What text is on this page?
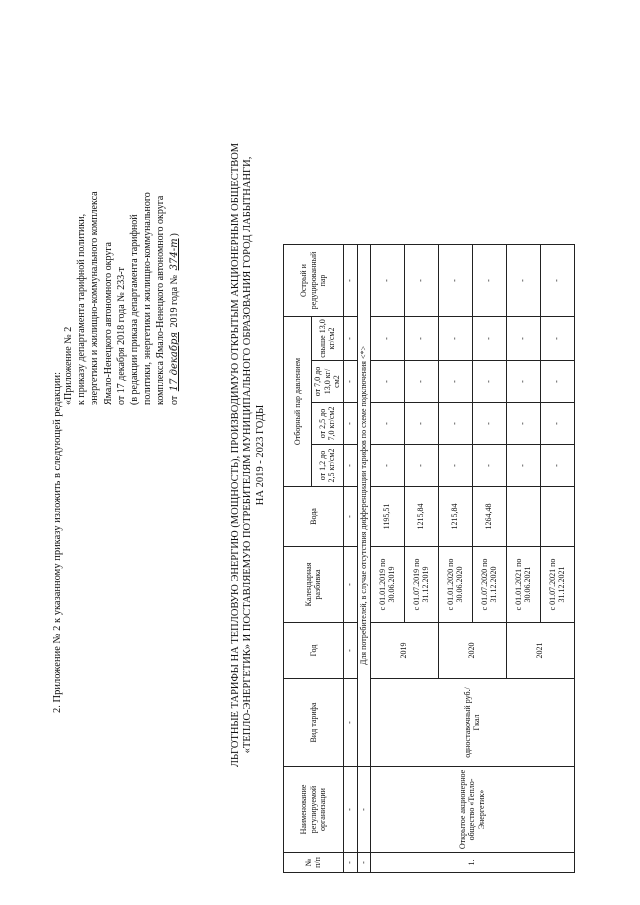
2. Приложение № 2 к указанному приказу изложить в следующей редакции:
«Приложение № 2 к приказу департамента тарифной политики, энергетики и жилищно-коммунального комплекса Ямало-Ненецкого автономного округа от 17 декабря 2018 года № 233-т (в редакции приказа департамента тарифной политики, энергетики и жилищно-коммунального комплекса Ямало-Ненецкого автономного округа от 17 декабря 2019 года № 374-т)	ЛЬГОТНЫЕ ТАРИФЫ НА ТЕПЛОВУЮ ЭНЕРГИЮ (МОЩНОСТЬ), ПРОИЗВОДИМУЮ ОТКРЫТЫМ АКЦИОНЕРНЫМ ОБЩЕСТВОМ «ТЕПЛО-ЭНЕРГЕТИК» И ПОСТАВЛЯЕМУЮ ПОТРЕБИТЕЛЯМ МУНИЦИПАЛЬНОГО ОБРАЗОВАНИЯ ГОРОД ЛАБЫТНАНГИ, НА 2019 - 2023 ГОДЫ
№ п/п	Наименование регулируемой организации	Вид тарифа	Год	Календарная разбивка	Вода	Отборный пар давлением				Острый и редуцированный пар
						от 1,2 до 2,5 кг/см2	от 2,5 до 7,0 кг/см2	от 7,0 до 13,0 кг/см2	свыше 13,0 кг/см2	
-	-	-	-	-	-	-	-	-	-	-
-	-	Для потребителей, в случае отсутствия дифференциации тарифов по схеме подключения <*>								
1.	Открытое акционерное общество «Тепло-Энергетик»	одноставочный руб./Гкал	2019	с 01.01.2019 по 30.06.2019	1195,51	-	-	-	-	-
				с 01.07.2019 по 31.12.2019	1215,84	-	-	-	-	-
			2020	с 01.01.2020 по 30.06.2020	1215,84	-	-	-	-	-
				с 01.07.2020 по 31.12.2020	1264,48	-	-	-	-	-
			2021	с 01.01.2021 по 30.06.2021		-	-	-	-	-
				с 01.07.2021 по 31.12.2021		-	-	-	-	-
